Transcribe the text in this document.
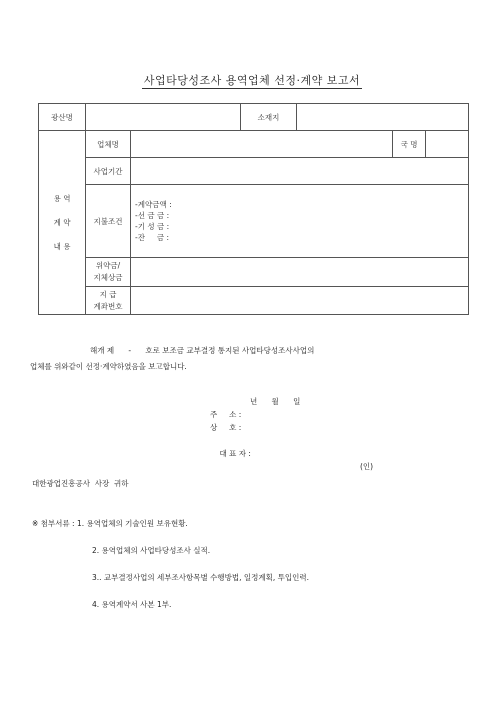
사업타당성조사 용역업체 선정·계약 보고서
광산명			소재지			

용 역
계 약
내 용	업체명				국 명	
	사업기간					
	지불조건	-계약금액 :
-선 금 금 :
-기 성 금 :
-잔     금 :				

	위약금/
지체상금					

	지 급
계좌번호					

해개 제      -      호로 보조금 교부결정 통지된 사업타당성조사사업의
업체를 위와같이 선정·계약하였음을 보고합니다.
년      월      일
주     소 :
상     호 :

대 표 자 :

(인)

대한광업진흥공사  사장  귀하
※ 첨부서류 : 1. 용역업체의 기술인원 보유현황.
2. 용역업체의 사업타당성조사 실적.
3.. 교부결정사업의 세부조사항목별 수행방법, 일정계획, 투입인력.
4. 용역계약서 사본 1부.
